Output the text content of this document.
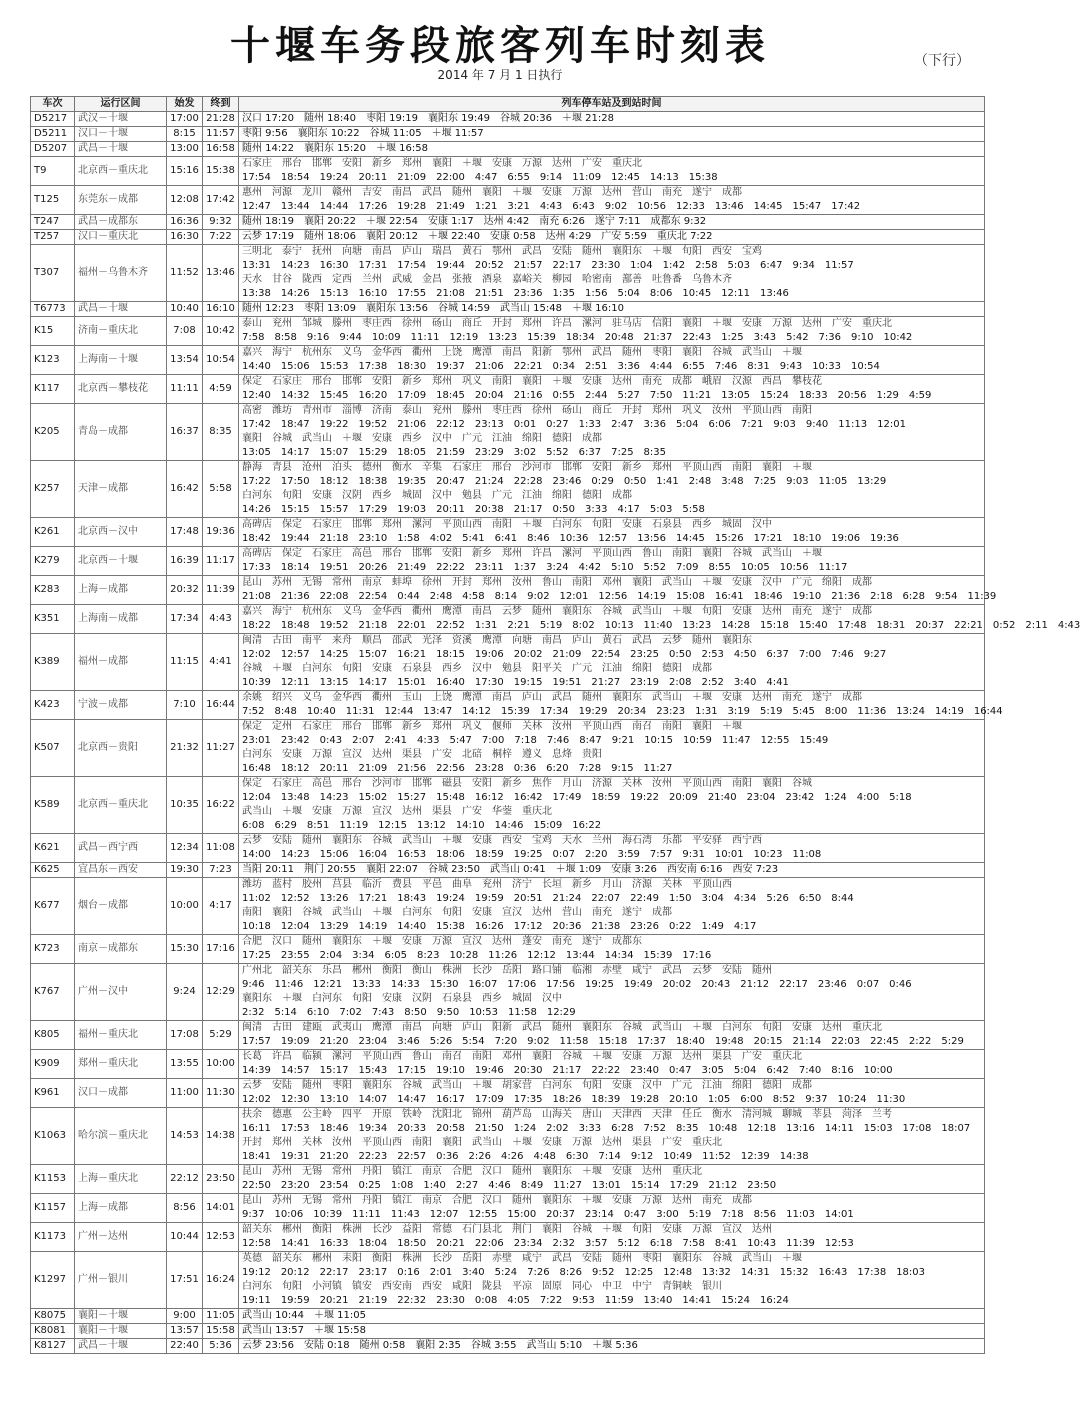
十堰车务段旅客列车时刻表
2014 年 7 月 1 日执行
（下行）
车次	运行区间	始发	终到	列车停车站及到站时间
D5217	武汉－十堰	17:00	21:28	汉口 17:20　随州 18:40　枣阳 19:19　襄阳东 19:49　谷城 20:36　＋堰 21:28

D5211	汉口－十堰	8:15	11:57	枣阳 9:56　襄阳东 10:22　谷城 11:05　＋堰 11:57

D5207	武昌－十堰	13:00	16:58	随州 14:22　襄阳东 15:20　＋堰 16:58

T9	北京西－重庆北	15:16	15:38	石家庄　邢台　邯郸　安阳　新乡　郑州　襄阳　＋堰　安康　万源　达州　广安　重庆北
17:54　18:54　19:24　20:11　21:09　22:00　4:47　6:55　9:14　11:09　12:45　14:13　15:38

T125	东莞东－成都	12:08	17:42	惠州　河源　龙川　赣州　吉安　南昌　武昌　随州　襄阳　＋堰　安康　万源　达州　营山　南充　遂宁　成都
12:47　13:44　14:44　17:26　19:28　21:49　1:21　3:21　4:43　6:43　9:02　10:56　12:33　13:46　14:45　15:47　17:42

T247	武昌－成都东	16:36	9:32	随州 18:19　襄阳 20:22　＋堰 22:54　安康 1:17　达州 4:42　南充 6:26　遂宁 7:11　成都东 9:32

T257	汉口－重庆北	16:30	7:22	云梦 17:19　随州 18:06　襄阳 20:12　＋堰 22:40　安康 0:58　达州 4:29　广安 5:59　重庆北 7:22

T307	福州－乌鲁木齐	11:52	13:46	三明北　泰宁　抚州　向塘　南昌　庐山　瑞昌　黄石　鄂州　武昌　安陆　随州　襄阳东　＋堰　旬阳　西安　宝鸡
13:31　14:23　16:30　17:31　17:54　19:44　20:52　21:57　22:17　23:30　1:04　1:42　2:58　5:03　6:47　9:34　11:57
天水　甘谷　陇西　定西　兰州　武威　金昌　张掖　酒泉　嘉峪关　柳园　哈密南　鄯善　吐鲁番　乌鲁木齐
13:38　14:26　15:13　16:10　17:55　21:08　21:51　23:36　1:35　1:56　5:04　8:06　10:45　12:11　13:46

T6773	武昌－十堰	10:40	16:10	随州 12:23　枣阳 13:09　襄阳东 13:56　谷城 14:59　武当山 15:48　＋堰 16:10

K15	济南－重庆北	7:08	10:42	泰山　兖州　邹城　滕州　枣庄西　徐州　砀山　商丘　开封　郑州　许昌　漯河　驻马店　信阳　襄阳　＋堰　安康　万源　达州　广安　重庆北
7:58　8:58　9:16　9:44　10:09　11:11　12:19　13:23　15:39　18:34　20:48　21:37　22:43　1:25　3:43　5:42　7:36　9:10　10:42

K123	上海南－十堰	13:54	10:54	嘉兴　海宁　杭州东　义乌　金华西　衢州　上饶　鹰潭　南昌　阳新　鄂州　武昌　随州　枣阳　襄阳　谷城　武当山　＋堰
14:40　15:06　15:53　17:38　18:30　19:37　21:06　22:21　0:34　2:51　3:36　4:44　6:55　7:46　8:31　9:43　10:33　10:54

K117	北京西－攀枝花	11:11	4:59	保定　石家庄　邢台　邯郸　安阳　新乡　郑州　巩义　南阳　襄阳　＋堰　安康　达州　南充　成都　峨眉　汉源　西昌　攀枝花
12:40　14:32　15:45　16:20　17:09　18:45　20:04　21:16　0:55　2:44　5:27　7:50　11:21　13:05　15:24　18:33　20:56　1:29　4:59

K205	青岛－成都	16:37	8:35	高密　潍坊　青州市　淄博　济南　泰山　兖州　滕州　枣庄西　徐州　砀山　商丘　开封　郑州　巩义　汝州　平顶山西　南阳
17:42　18:47　19:22　19:52　21:06　22:12　23:13　0:01　0:27　1:33　2:47　3:36　5:04　6:06　7:21　9:03　9:40　11:13　12:01
襄阳　谷城　武当山　＋堰　安康　西乡　汉中　广元　江油　绵阳　德阳　成都
13:05　14:17　15:07　15:29　18:05　21:59　23:29　3:02　5:52　6:37　7:25　8:35

K257	天津－成都	16:42	5:58	静海　青县　沧州　泊头　德州　衡水　辛集　石家庄　邢台　沙河市　邯郸　安阳　新乡　郑州　平顶山西　南阳　襄阳　＋堰
17:22　17:50　18:12　18:38　19:35　20:47　21:24　22:28　23:46　0:29　0:50　1:41　2:48　3:48　7:25　9:03　11:05　13:29
白河东　旬阳　安康　汉阴　西乡　城固　汉中　勉县　广元　江油　绵阳　德阳　成都
14:26　15:15　15:57　17:29　19:03　20:11　20:38　21:17　0:50　3:33　4:17　5:03　5:58

K261	北京西－汉中	17:48	19:36	高碑店　保定　石家庄　邯郸　郑州　漯河　平顶山西　南阳　＋堰　白河东　旬阳　安康　石泉县　西乡　城固　汉中
18:42　19:44　21:18　23:10　1:58　4:02　5:41　6:41　8:46　10:36　12:57　13:56　14:45　15:26　17:21　18:10　19:06　19:36

K279	北京西－十堰	16:39	11:17	高碑店　保定　石家庄　高邑　邢台　邯郸　安阳　新乡　郑州　许昌　漯河　平顶山西　鲁山　南阳　襄阳　谷城　武当山　＋堰
17:33　18:14　19:51　20:26　21:49　22:22　23:11　1:37　3:24　4:42　5:10　5:52　7:09　8:55　10:05　10:56　11:17

K283	上海－成都	20:32	11:39	昆山　苏州　无锡　常州　南京　蚌埠　徐州　开封　郑州　汝州　鲁山　南阳　邓州　襄阳　武当山　＋堰　安康　汉中　广元　绵阳　成都
21:08　21:36　22:08　22:54　0:44　2:48　4:58　8:14　9:02　12:01　12:56　14:19　15:08　16:41　18:46　19:10　21:36　2:18　6:28　9:54　11:39

K351	上海南－成都	17:34	4:43	嘉兴　海宁　杭州东　义乌　金华西　衢州　鹰潭　南昌　云梦　随州　襄阳东　谷城　武当山　＋堰　旬阳　安康　达州　南充　遂宁　成都
18:22　18:48　19:52　21:18　22:01　22:52　1:31　2:21　5:19　8:02　10:13　11:40　13:23　14:28　15:18　15:40　17:48　18:31　20:37　22:21　0:52　2:11　4:43

K389	福州－成都	11:15	4:41	闽清　古田　南平　来舟　顺昌　邵武　光泽　资溪　鹰潭　向塘　南昌　庐山　黄石　武昌　云梦　随州　襄阳东
12:02　12:57　14:25　15:07　16:21　18:15　19:06　20:02　21:09　22:54　23:25　0:50　2:53　4:50　6:37　7:00　7:46　9:27
谷城　＋堰　白河东　旬阳　安康　石泉县　西乡　汉中　勉县　阳平关　广元　江油　绵阳　德阳　成都
10:39　12:11　13:15　14:17　15:01　16:40　17:30　19:15　19:51　21:27　23:19　2:08　2:52　3:40　4:41

K423	宁波－成都	7:10	16:44	余姚　绍兴　义乌　金华西　衢州　玉山　上饶　鹰潭　南昌　庐山　武昌　随州　襄阳东　武当山　＋堰　安康　达州　南充　遂宁　成都
7:52　8:48　10:40　11:31　12:44　13:47　14:12　15:39　17:34　19:29　20:34　23:23　1:31　3:19　5:19　5:45　8:00　11:36　13:24　14:19　16:44

K507	北京西－贵阳	21:32	11:27	保定　定州　石家庄　邢台　邯郸　新乡　郑州　巩义　偃师　关林　汝州　平顶山西　南召　南阳　襄阳　＋堰
23:01　23:42　0:43　2:07　2:41　4:33　5:47　7:00　7:18　7:46　8:47　9:21　10:15　10:59　11:47　12:55　15:49
白河东　安康　万源　宣汉　达州　渠县　广安　北碚　桐梓　遵义　息烽　贵阳
16:48　18:12　20:11　21:09　21:56　22:56　23:28　0:36　6:20　7:28　9:15　11:27

K589	北京西－重庆北	10:35	16:22	保定　石家庄　高邑　邢台　沙河市　邯郸　磁县　安阳　新乡　焦作　月山　济源　关林　汝州　平顶山西　南阳　襄阳　谷城
12:04　13:48　14:23　15:02　15:27　15:48　16:12　16:42　17:49　18:59　19:22　20:09　21:40　23:04　23:42　1:24　4:00　5:18
武当山　＋堰　安康　万源　宣汉　达州　渠县　广安　华蓥　重庆北
6:08　6:29　8:51　11:19　12:15　13:12　14:10　14:46　15:09　16:22

K621	武昌－西宁西	12:34	11:08	云梦　安陆　随州　襄阳东　谷城　武当山　＋堰　安康　西安　宝鸡　天水　兰州　海石湾　乐都　平安驿　西宁西
14:00　14:23　15:06　16:04　16:53　18:06　18:59　19:25　0:07　2:20　3:59　7:57　9:31　10:01　10:23　11:08

K625	宜昌东－西安	19:30	7:23	当阳 20:11　荆门 20:55　襄阳 22:07　谷城 23:50　武当山 0:41　＋堰 1:09　安康 3:26　西安南 6:16　西安 7:23

K677	烟台－成都	10:00	4:17	潍坊　蓝村　胶州　莒县　临沂　费县　平邑　曲阜　兖州　济宁　长垣　新乡　月山　济源　关林　平顶山西
11:02　12:52　13:26　17:21　18:43　19:24　19:59　20:51　21:24　22:07　22:49　1:50　3:04　4:34　5:26　6:50　8:44
南阳　襄阳　谷城　武当山　＋堰　白河东　旬阳　安康　宣汉　达州　营山　南充　遂宁　成都
10:18　12:04　13:29　14:19　14:40　15:38　16:26　17:12　20:36　21:38　23:26　0:22　1:49　4:17

K723	南京－成都东	15:30	17:16	合肥　汉口　随州　襄阳东　＋堰　安康　万源　宣汉　达州　蓬安　南充　遂宁　成都东
17:25　23:55　2:04　3:34　6:05　8:23　10:28　11:26　12:12　13:44　14:34　15:39　17:16

K767	广州－汉中	9:24	12:29	广州北　韶关东　乐昌　郴州　衡阳　衡山　株洲　长沙　岳阳　路口铺　临湘　赤壁　咸宁　武昌　云梦　安陆　随州
9:46　11:46　12:21　13:33　14:33　15:30　16:07　17:06　17:56　19:25　19:49　20:02　20:43　21:12　22:17　23:46　0:07　0:46
襄阳东　＋堰　白河东　旬阳　安康　汉阴　石泉县　西乡　城固　汉中
2:32　5:14　6:10　7:02　7:43　8:50　9:50　10:53　11:58　12:29

K805	福州－重庆北	17:08	5:29	闽清　古田　建瓯　武夷山　鹰潭　南昌　向塘　庐山　阳新　武昌　随州　襄阳东　谷城　武当山　＋堰　白河东　旬阳　安康　达州　重庆北
17:57　19:09　21:20　23:04　3:46　5:26　5:54　7:20　9:02　11:58　15:18　17:37　18:40　19:48　20:15　21:14　22:03　22:45　2:22　5:29

K909	郑州－重庆北	13:55	10:00	长葛　许昌　临颍　漯河　平顶山西　鲁山　南召　南阳　邓州　襄阳　谷城　＋堰　安康　万源　达州　渠县　广安　重庆北
14:39　14:57　15:17　15:43　17:15　19:10　19:46　20:30　21:17　22:22　23:40　0:47　3:05　5:04　6:42　7:40　8:16　10:00

K961	汉口－成都	11:00	11:30	云梦　安陆　随州　枣阳　襄阳东　谷城　武当山　＋堰　胡家营　白河东　旬阳　安康　汉中　广元　江油　绵阳　德阳　成都
12:02　12:30　13:10　14:07　14:47　16:17　17:09　17:35　18:26　18:39　19:28　20:10　1:05　6:00　8:52　9:37　10:24　11:30

K1063	哈尔滨－重庆北	14:53	14:38	扶余　德惠　公主岭　四平　开原　铁岭　沈阳北　锦州　葫芦岛　山海关　唐山　天津西　天津　任丘　衡水　清河城　聊城　莘县　菏泽　兰考
16:11　17:53　18:46　19:34　20:33　20:58　21:50　1:24　2:02　3:33　6:28　7:52　8:35　10:48　12:18　13:16　14:11　15:03　17:08　18:07
开封　郑州　关林　汝州　平顶山西　南阳　襄阳　武当山　＋堰　安康　万源　达州　渠县　广安　重庆北
18:41　19:31　21:20　22:23　22:57　0:36　2:26　4:26　4:48　6:30　7:14　9:12　10:49　11:52　12:39　14:38

K1153	上海－重庆北	22:12	23:50	昆山　苏州　无锡　常州　丹阳　镇江　南京　合肥　汉口　随州　襄阳东　＋堰　安康　达州　重庆北
22:50　23:20　23:54　0:25　1:08　1:40　2:27　4:46　8:49　11:27　13:01　15:14　17:29　21:12　23:50

K1157	上海－成都	8:56	14:01	昆山　苏州　无锡　常州　丹阳　镇江　南京　合肥　汉口　随州　襄阳东　＋堰　安康　万源　达州　南充　成都
9:37　10:06　10:39　11:11　11:43　12:07　12:55　15:00　20:37　23:14　0:47　3:00　5:19　7:18　8:56　11:03　14:01

K1173	广州－达州	10:44	12:53	韶关东　郴州　衡阳　株洲　长沙　益阳　常德　石门县北　荆门　襄阳　谷城　＋堰　旬阳　安康　万源　宣汉　达州
12:58　14:41　16:33　18:04　18:50　20:21　22:06　23:34　2:32　3:57　5:12　6:18　7:58　8:41　10:43　11:39　12:53

K1297	广州－银川	17:51	16:24	英德　韶关东　郴州　耒阳　衡阳　株洲　长沙　岳阳　赤壁　咸宁　武昌　安陆　随州　枣阳　襄阳东　谷城　武当山　＋堰
19:12　20:12　22:17　23:17　0:16　2:01　3:40　5:24　7:26　8:26　9:52　12:25　12:48　13:32　14:31　15:32　16:43　17:38　18:03
白河东　旬阳　小河镇　镇安　西安南　西安　咸阳　陇县　平凉　固原　同心　中卫　中宁　青铜峡　银川
19:11　19:59　20:21　21:19　22:32　23:30　0:08　4:05　7:22　9:53　11:59　13:40　14:41　15:24　16:24

K8075	襄阳－十堰	9:00	11:05	武当山 10:44　＋堰 11:05

K8081	襄阳－十堰	13:57	15:58	武当山 13:57　＋堰 15:58

K8127	武昌－十堰	22:40	5:36	云梦 23:56　安陆 0:18　随州 0:58　襄阳 2:35　谷城 3:55　武当山 5:10　＋堰 5:36
